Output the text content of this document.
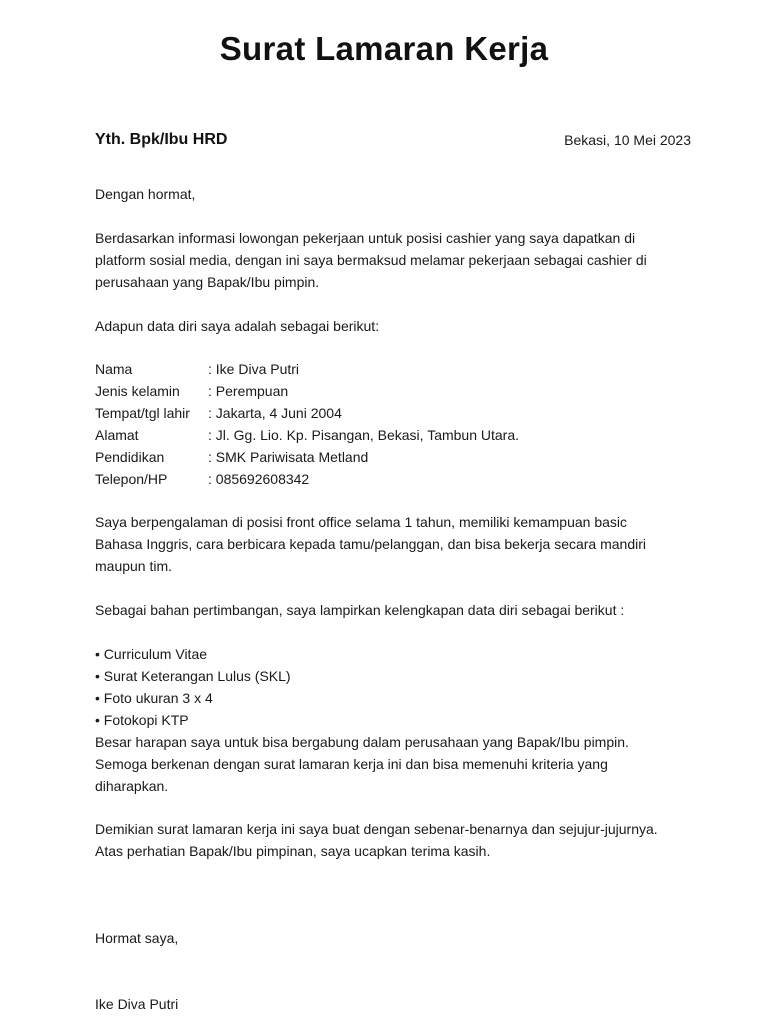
Surat Lamaran Kerja
Yth. Bpk/Ibu HRD	Bekasi, 10 Mei 2023
Dengan hormat,
Berdasarkan informasi lowongan pekerjaan untuk posisi cashier yang saya dapatkan di
platform sosial media, dengan ini saya bermaksud melamar pekerjaan sebagai cashier di
perusahaan yang Bapak/Ibu pimpin.
Adapun data diri saya adalah sebagai berikut:
Nama	: Ike Diva Putri
Jenis kelamin	: Perempuan
Tempat/tgl lahir	: Jakarta, 4 Juni 2004
Alamat	: Jl. Gg. Lio. Kp. Pisangan, Bekasi, Tambun Utara.
Pendidikan	: SMK Pariwisata Metland
Telepon/HP	: 085692608342
Saya berpengalaman di posisi front office selama 1 tahun, memiliki kemampuan basic
Bahasa Inggris, cara berbicara kepada tamu/pelanggan, dan bisa bekerja secara mandiri
maupun tim.
Sebagai bahan pertimbangan, saya lampirkan kelengkapan data diri sebagai berikut :
• Curriculum Vitae
• Surat Keterangan Lulus (SKL)
• Foto ukuran 3 x 4
• Fotokopi KTP
Besar harapan saya untuk bisa bergabung dalam perusahaan yang Bapak/Ibu pimpin.
Semoga berkenan dengan surat lamaran kerja ini dan bisa memenuhi kriteria yang
diharapkan.
Demikian surat lamaran kerja ini saya buat dengan sebenar-benarnya dan sejujur-jujurnya.
Atas perhatian Bapak/Ibu pimpinan, saya ucapkan terima kasih.
Hormat saya,
Ike Diva Putri
